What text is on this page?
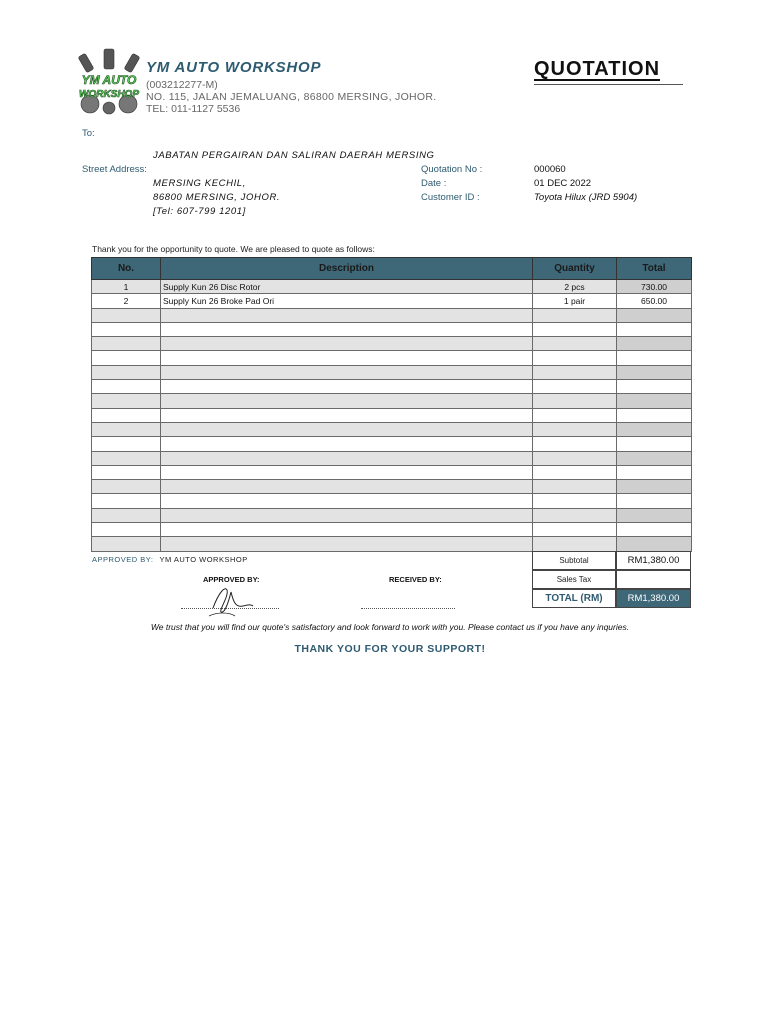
YM AUTO
WORKSHOP
YM AUTO WORKSHOP
(003212277-M)
NO. 115, JALAN JEMALUANG, 86800 MERSING, JOHOR.
TEL: 011-1127 5536
QUOTATION
To:
JABATAN PERGAIRAN DAN SALIRAN DAERAH MERSING
Street Address:
MERSING KECHIL,
86800 MERSING, JOHOR.
[Tel: 607-799 1201]
Quotation No :	000060
Date :	01 DEC 2022
Customer ID :	Toyota Hilux (JRD 5904)
Thank you for the opportunity to quote. We are pleased to quote as follows:
No.	Description	Quantity	Total
1	Supply Kun 26 Disc Rotor	2 pcs	730.00
2	Supply Kun 26 Broke Pad Ori	1 pair	650.00

Subtotal	RM1,380.00
Sales Tax
TOTAL (RM)	RM1,380.00
APPROVED BY: YM AUTO WORKSHOP
APPROVED BY:	RECEIVED BY:
We trust that you will find our quote's satisfactory and look forward to work with you. Please contact us if you have any inquries.
THANK YOU FOR YOUR SUPPORT!
